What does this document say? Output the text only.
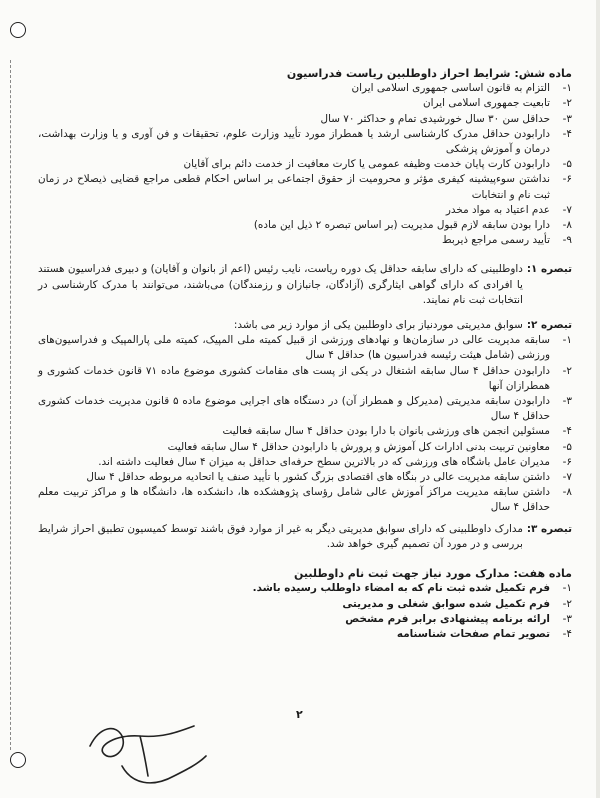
ماده شش: شرایط احراز داوطلبین ریاست فدراسیون
۱-
التزام به قانون اساسی جمهوری اسلامی ایران
۲-
تابعیت جمهوری اسلامی ایران
۳-
حداقل سن ۳۰ سال خورشیدی تمام و حداکثر ۷۰ سال
۴-
دارابودن حداقل مدرک کارشناسی ارشد یا همطراز مورد تأیید وزارت علوم، تحقیقات و فن آوری و یا وزارت بهداشت، درمان و آموزش پزشکی
۵-
دارابودن کارت پایان خدمت وظیفه عمومی یا کارت معافیت از خدمت دائم برای آقایان
۶-
نداشتن سوءپیشینه کیفری مؤثر و محرومیت از حقوق اجتماعی بر اساس احکام قطعی مراجع قضایی ذیصلاح در زمان ثبت نام و انتخابات
۷-
عدم اعتیاد به مواد مخدر
۸-
دارا بودن سابقه لازم قبول مدیریت (بر اساس تبصره ۲ ذیل این ماده)
۹-
تأیید رسمی مراجع ذیربط
تبصره ۱:
داوطلبینی که دارای سابقه حداقل یک دوره ریاست، نایب رئیس (اعم از بانوان و آقایان) و دبیری فدراسیون هستند یا افرادی که دارای گواهی ایثارگری (آزادگان، جانبازان و رزمندگان) می‌باشند، می‌توانند با مدرک کارشناسی در انتخابات ثبت نام نمایند.
تبصره ۲:
سوابق مدیریتی موردنیاز برای داوطلبین یکی از موارد زیر می باشد:
۱-
سابقه مدیریت عالی در سازمان‌ها و نهادهای ورزشی از قبیل کمیته ملی المپیک، کمیته ملی پارالمپیک و فدراسیون‌های ورزشی (شامل هیئت رئیسه فدراسیون ها) حداقل ۴ سال
۲-
دارابودن حداقل ۴ سال سابقه اشتغال در یکی از پست های مقامات کشوری موضوع ماده ۷۱ قانون خدمات کشوری و همطرازان آنها
۳-
دارابودن سابقه مدیریتی (مدیرکل و همطراز آن) در دستگاه های اجرایی موضوع ماده ۵ قانون مدیریت خدمات کشوری حداقل ۴ سال
۴-
مسئولین انجمن های ورزشی بانوان با دارا بودن حداقل ۴ سال سابقه فعالیت
۵-
معاونین تربیت بدنی ادارات کل آموزش و پرورش با دارابودن حداقل ۴ سال سابقه فعالیت
۶-
مدیران عامل باشگاه های ورزشی که در بالاترین سطح حرفه‌ای حداقل به میزان ۴ سال فعالیت داشته اند.
۷-
داشتن سابقه مدیریت عالی در بنگاه های اقتصادی بزرگ کشور با تأیید صنف یا اتحادیه مربوطه حداقل ۴ سال
۸-
داشتن سابقه مدیریت مراکز آموزش عالی شامل رؤسای پژوهشکده ها، دانشکده ها، دانشگاه ها و مراکز تربیت معلم حداقل ۴ سال
تبصره ۳:
مدارک داوطلبینی که دارای سوابق مدیریتی دیگر به غیر از موارد فوق باشند توسط کمیسیون تطبیق احراز شرایط بررسی و در مورد آن تصمیم گیری خواهد شد.
ماده هفت: مدارک مورد نیاز جهت ثبت نام داوطلبین
۱-
فرم تکمیل شده ثبت نام که به امضاء داوطلب رسیده باشد.
۲-
فرم تکمیل شده سوابق شغلی و مدیریتی
۳-
ارائه برنامه پیشنهادی برابر فرم مشخص
۴-
تصویر تمام صفحات شناسنامه
۲
